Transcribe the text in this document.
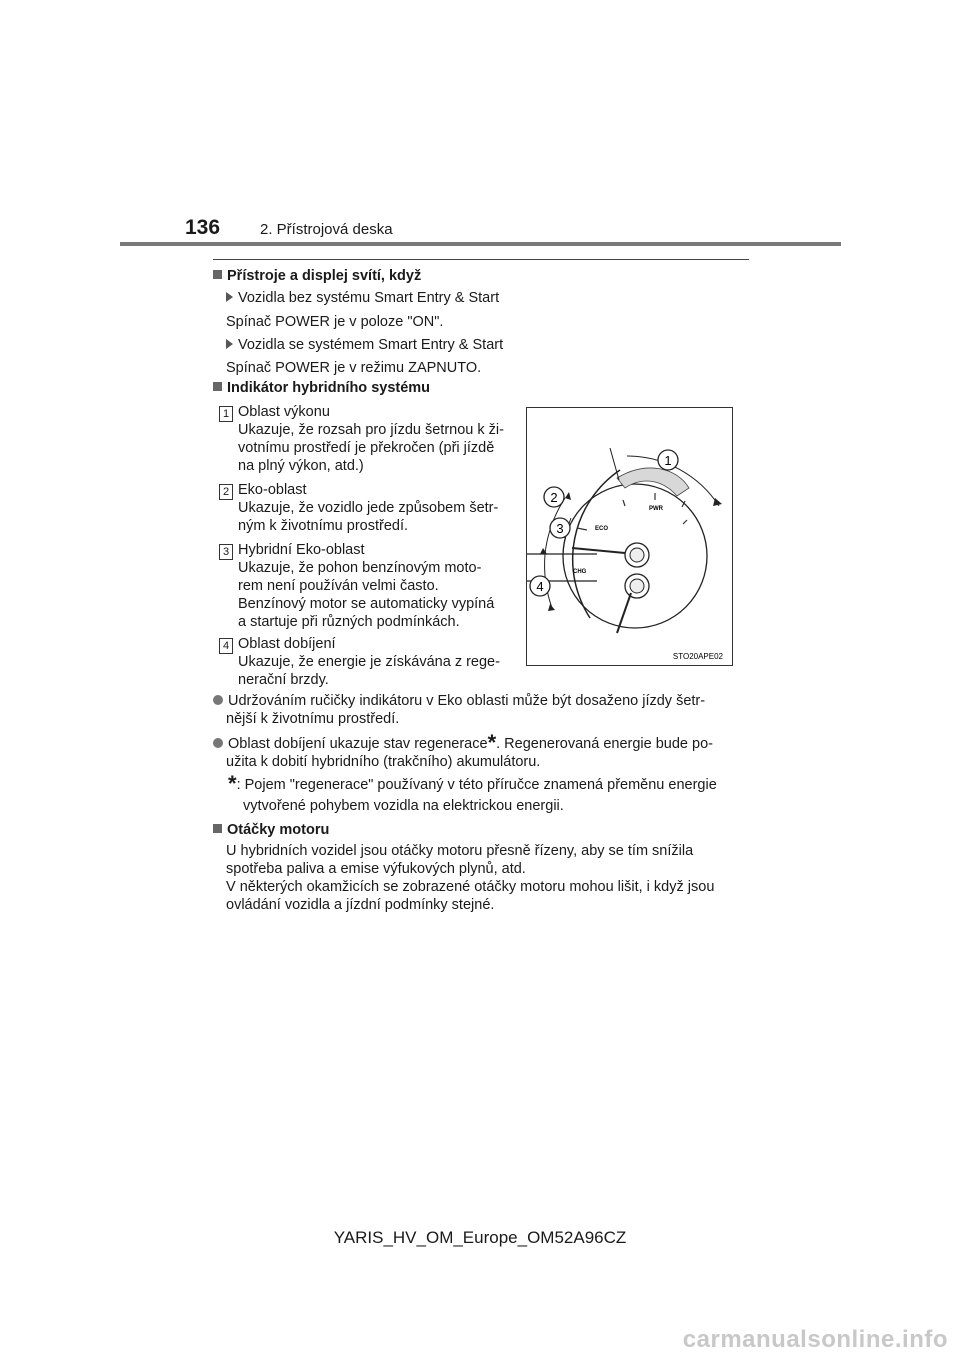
136	2. Přístrojová deska
Přístroje a displej svítí, když
Vozidla bez systému Smart Entry & Start
Spínač POWER je v poloze "ON".
Vozidla se systémem Smart Entry & Start
Spínač POWER je v režimu ZAPNUTO.
Indikátor hybridního systému
1 Oblast výkonu
Ukazuje, že rozsah pro jízdu šetrnou k ži-
votnímu prostředí je překročen (při jízdě
na plný výkon, atd.)
2 Eko-oblast
Ukazuje, že vozidlo jede způsobem šetr-
ným k životnímu prostředí.
3 Hybridní Eko-oblast
Ukazuje, že pohon benzínovým moto-
rem není používán velmi často.
Benzínový motor se automaticky vypíná
a startuje při různých podmínkách.
4 Oblast dobíjení
Ukazuje, že energie je získávána z rege-
nerační brzdy.
ECO
PWR
CHG
1
2
3
4
STO20APE02
Udržováním ručičky indikátoru v Eko oblasti může být dosaženo jízdy šetr-
nější k životnímu prostředí.
Oblast dobíjení ukazuje stav regenerace*. Regenerovaná energie bude po-
užita k dobití hybridního (trakčního) akumulátoru.
*: Pojem "regenerace" používaný v této příručce znamená přeměnu energie
vytvořené pohybem vozidla na elektrickou energii.
Otáčky motoru
U hybridních vozidel jsou otáčky motoru přesně řízeny, aby se tím snížila
spotřeba paliva a emise výfukových plynů, atd.
V některých okamžicích se zobrazené otáčky motoru mohou lišit, i když jsou
ovládání vozidla a jízdní podmínky stejné.
YARIS_HV_OM_Europe_OM52A96CZ
carmanualsonline.info
